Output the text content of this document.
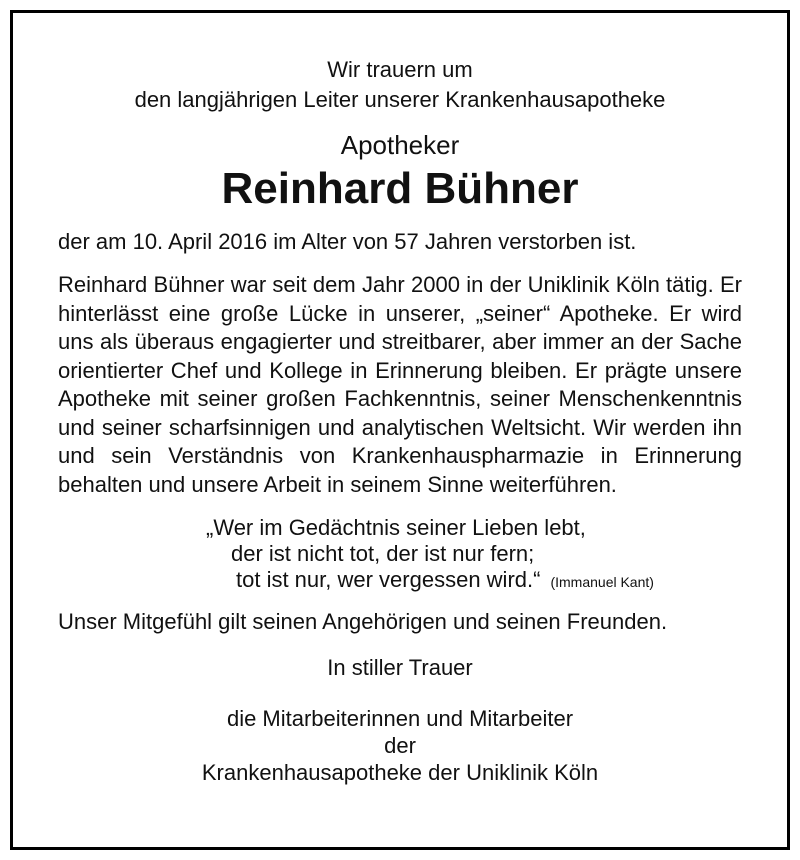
Wir trauern um
den langjährigen Leiter unserer Krankenhausapotheke
Apotheker
Reinhard Bühner
der am 10. April 2016 im Alter von 57 Jahren verstorben ist.
Reinhard Bühner war seit dem Jahr 2000 in der Uniklinik Köln tätig. Er hinterlässt eine große Lücke in unserer, „seiner“ Apotheke. Er wird uns als überaus engagierter und streitbarer, aber immer an der Sache orientierter Chef und Kollege in Erinnerung bleiben. Er prägte unsere Apotheke mit seiner großen Fachkenntnis, seiner Menschenkenntnis und seiner scharfsinnigen und analytischen Weltsicht. Wir werden ihn und sein Verständnis von Krankenhauspharmazie in Erinnerung behalten und unsere Arbeit in seinem Sinne weiterführen.
„Wer im Gedächtnis seiner Lieben lebt,
der ist nicht tot, der ist nur fern;
tot ist nur, wer vergessen wird.“ (Immanuel Kant)
Unser Mitgefühl gilt seinen Angehörigen und seinen Freunden.
In stiller Trauer
die Mitarbeiterinnen und Mitarbeiter
der
Krankenhausapotheke der Uniklinik Köln
